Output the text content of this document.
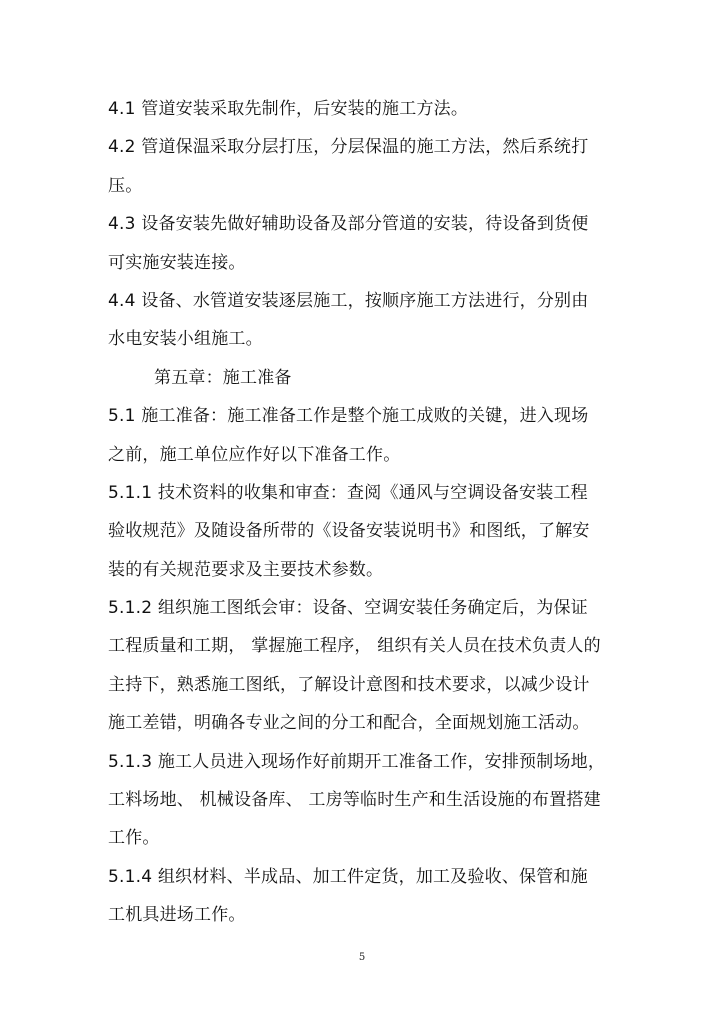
4.1 管道安装采取先制作，后安装的施工方法。
4.2 管道保温采取分层打压，分层保温的施工方法，然后系统打
压。
4.3 设备安装先做好辅助设备及部分管道的安装，待设备到货便
可实施安装连接。
4.4 设备、水管道安装逐层施工，按顺序施工方法进行，分别由
水电安装小组施工。
第五章：施工准备
5.1 施工准备：施工准备工作是整个施工成败的关键，进入现场
之前，施工单位应作好以下准备工作。
5.1.1 技术资料的收集和审查：查阅《通风与空调设备安装工程
验收规范》及随设备所带的《设备安装说明书》和图纸，了解安
装的有关规范要求及主要技术参数。
5.1.2 组织施工图纸会审：设备、空调安装任务确定后，为保证
工程质量和工期， 掌握施工程序， 组织有关人员在技术负责人的
主持下，熟悉施工图纸，了解设计意图和技术要求，以减少设计
施工差错，明确各专业之间的分工和配合，全面规划施工活动。
5.1.3 施工人员进入现场作好前期开工准备工作，安排预制场地，
工料场地、 机械设备库、 工房等临时生产和生活设施的布置搭建
工作。
5.1.4 组织材料、半成品、加工件定货，加工及验收、保管和施
工机具进场工作。
5
